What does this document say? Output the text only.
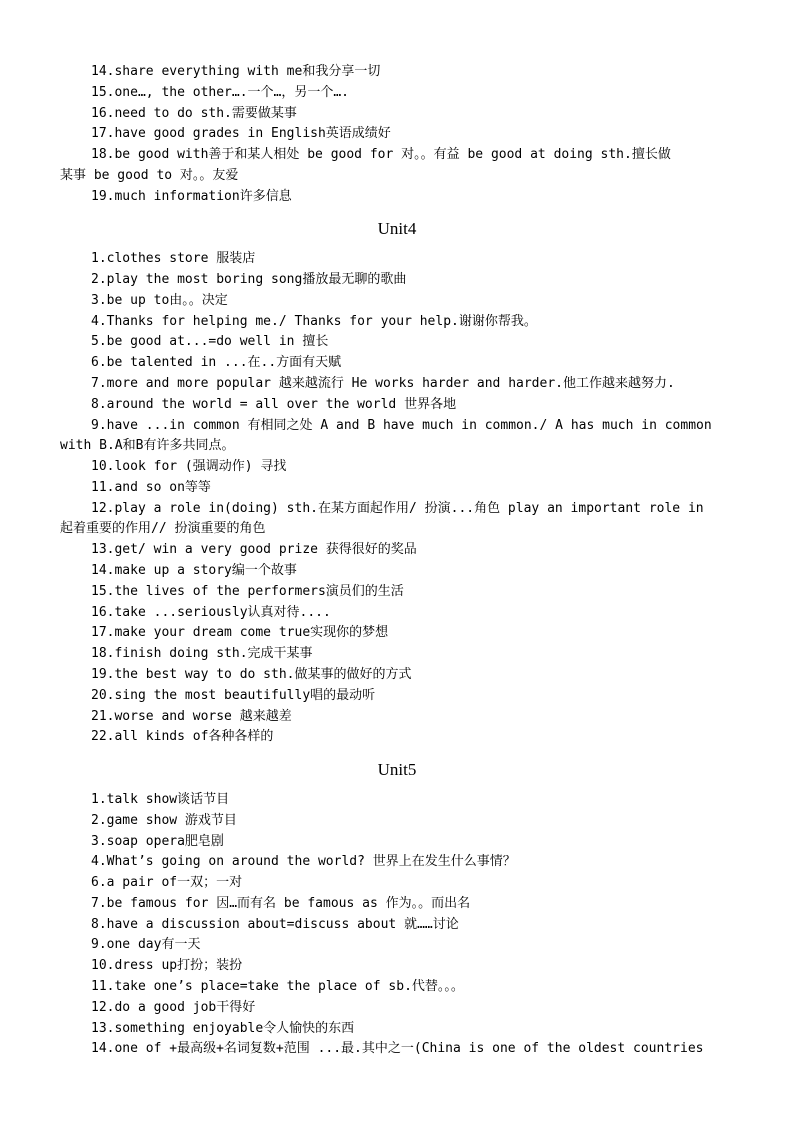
14.share everything with me和我分享一切
15.one…, the other….一个…，另一个….
16.need to do sth.需要做某事
17.have good grades in English英语成绩好
18.be good with善于和某人相处 be good for 对。。有益 be good at doing sth.擅长做
某事 be good to 对。。友爱
19.much information许多信息
Unit4
1.clothes store 服装店
2.play the most boring song播放最无聊的歌曲
3.be up to由。。决定
4.Thanks for helping me./ Thanks for your help.谢谢你帮我。
5.be good at...=do well in 擅长
6.be talented in ...在..方面有天赋
7.more and more popular 越来越流行 He works harder and harder.他工作越来越努力.
8.around the world = all over the world 世界各地
9.have ...in common 有相同之处 A and B have much in common./ A has much in common
with B.A和B有许多共同点。
10.look for (强调动作) 寻找
11.and so on等等
12.play a role in(doing) sth.在某方面起作用/ 扮演...角色 play an important role in
起着重要的作用// 扮演重要的角色
13.get/ win a very good prize 获得很好的奖品
14.make up a story编一个故事
15.the lives of the performers演员们的生活
16.take ...seriously认真对待....
17.make your dream come true实现你的梦想
18.finish doing sth.完成干某事
19.the best way to do sth.做某事的做好的方式
20.sing the most beautifully唱的最动听
21.worse and worse 越来越差
22.all kinds of各种各样的
Unit5
1.talk show谈话节目
2.game show 游戏节目
3.soap opera肥皂剧
4.What’s going on around the world? 世界上在发生什么事情？
6.a pair of一双；一对
7.be famous for 因…而有名 be famous as 作为。。而出名
8.have a discussion about=discuss about 就……讨论
9.one day有一天
10.dress up打扮；装扮
11.take one’s place=take the place of sb.代替。。。
12.do a good job干得好
13.something enjoyable令人愉快的东西
14.one of +最高级+名词复数+范围 ...最.其中之一(China is one of the oldest countries
